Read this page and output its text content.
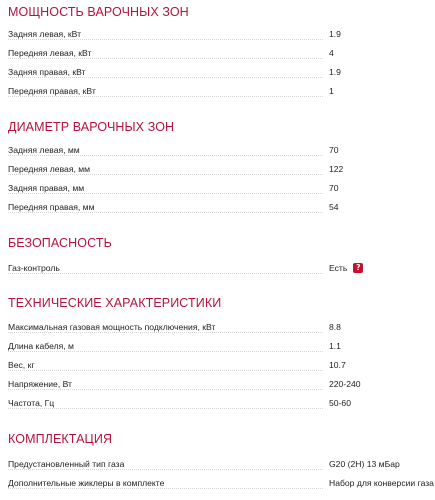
МОЩНОСТЬ ВАРОЧНЫХ ЗОН
Задняя левая, кВт	1.9
Передняя левая, кВт	4
Задняя правая, кВт	1.9
Передняя правая, кВт	1
ДИАМЕТР ВАРОЧНЫХ ЗОН
Задняя левая, мм	70
Передняя левая, мм	122
Задняя правая, мм	70
Передняя правая, мм	54
БЕЗОПАСНОСТЬ
Газ-контроль	Есть	?
ТЕХНИЧЕСКИЕ ХАРАКТЕРИСТИКИ
Максимальная газовая мощность подключения, кВт	8.8
Длина кабеля, м	1.1
Вес, кг	10.7
Напряжение, Вт	220-240
Частота, Гц	50-60
КОМПЛЕКТАЦИЯ
Предустановленный тип газа	G20 (2H) 13 мБар
Дополнительные жиклеры в комплекте	Набор для конверсии газа
